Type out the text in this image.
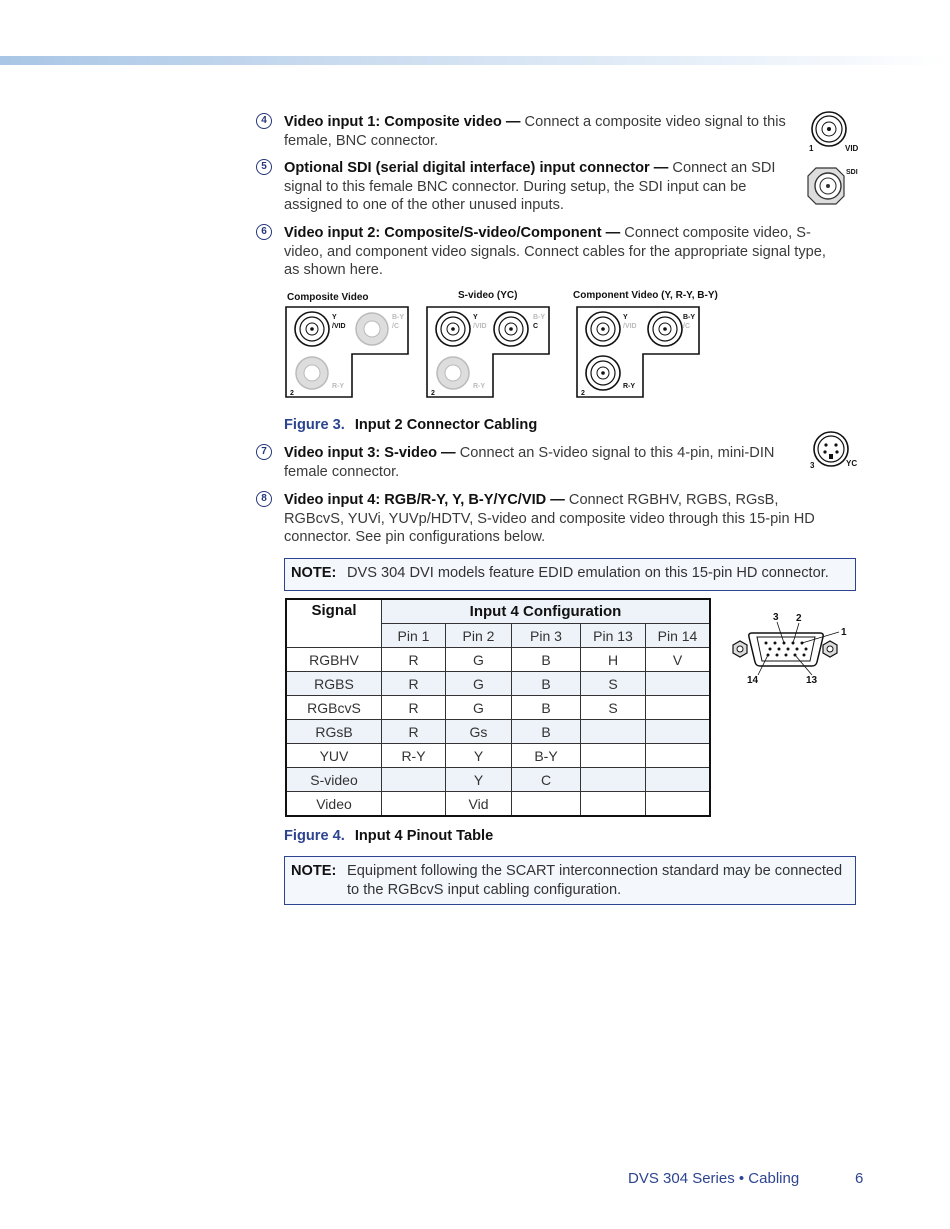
4	Video input 1: Composite video — Connect a composite video signal to this female, BNC connector.
5	Optional SDI (serial digital interface) input connector — Connect an SDI signal to this female BNC connector. During setup, the SDI input can be assigned to one of the other unused inputs.
6	Video input 2: Composite/S-video/Component — Connect composite video, S-video, and component video signals. Connect cables for the appropriate signal type, as shown here.
1	VID
SDI
Composite Video
Y
/VID
B-Y
/C
R-Y
2
S-video (YC)
Y
/VID
B-Y
C
R-Y
2
Component Video (Y, R-Y, B-Y)
Y
/VID
B-Y
/C
R-Y
2
Figure 3. Input 2 Connector Cabling
7	Video input 3: S-video — Connect an S-video signal to this 4-pin, mini-DIN female connector.	3	YC
8	Video input 4: RGB/R-Y, Y, B-Y/YC/VID — Connect RGBHV, RGBS, RGsB, RGBcvS, YUVi, YUVp/HDTV, S-video and composite video through this 15-pin HD connector. See pin configurations below.
NOTE: DVS 304 DVI models feature EDID emulation on this 15-pin HD connector.
Signal	Input 4 Configuration				
	Pin 1	Pin 2	Pin 3	Pin 13	Pin 14
RGBHV	R	G	B	H	V
RGBS	R	G	B	S	
RGBcvS	R	G	B	S	
RGsB	R	Gs	B		
YUV	R-Y	Y	B-Y		
S-video		Y	C		
Video		Vid			
3 2
1
14	13
Figure 4. Input 4 Pinout Table
NOTE: Equipment following the SCART interconnection standard may be connected to the RGBcvS input cabling configuration.
DVS 304 Series • Cabling	6
